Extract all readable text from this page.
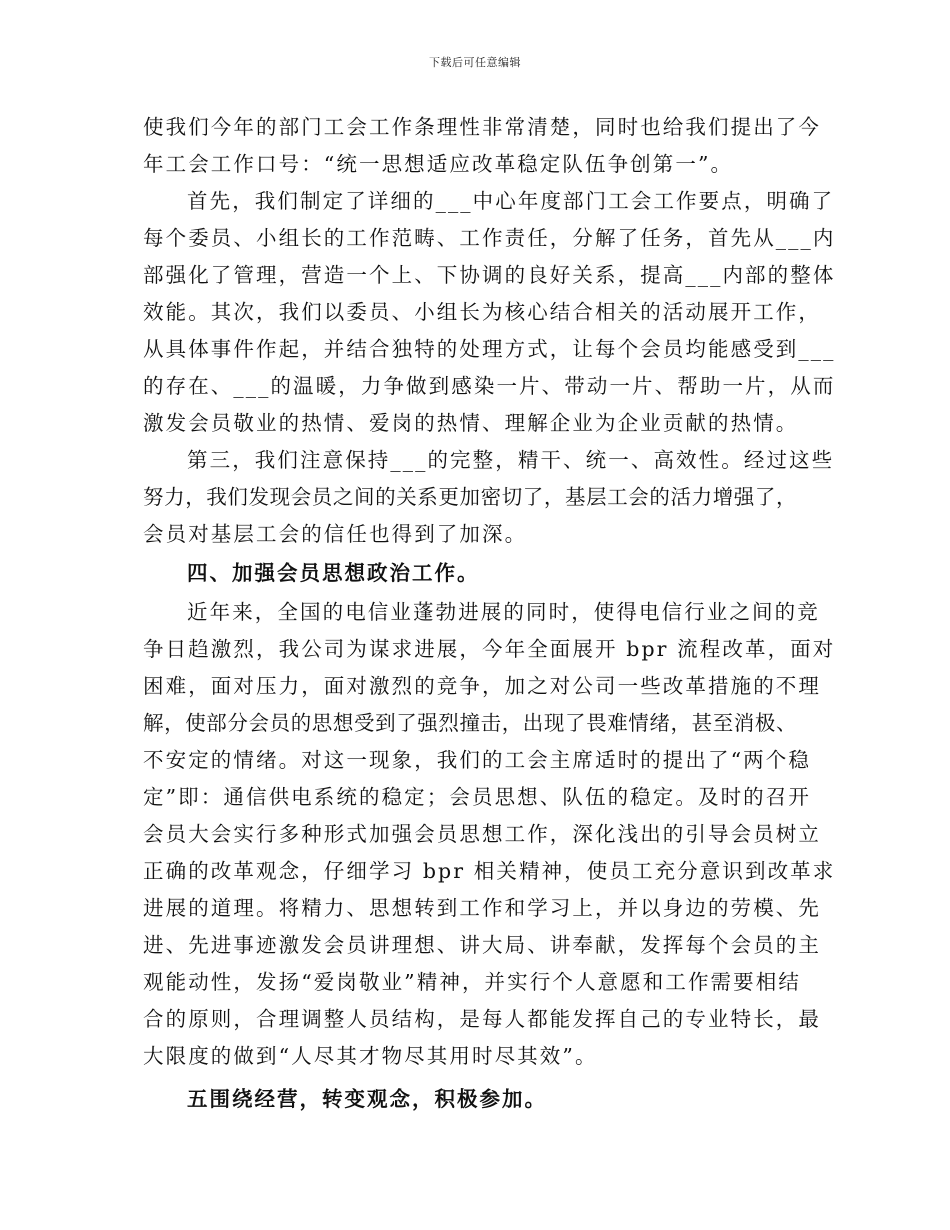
下载后可任意编辑
使我们今年的部门工会工作条理性非常清楚，同时也给我们提出了今
年工会工作口号：“统一思想适应改革稳定队伍争创第一”。
首先，我们制定了详细的___中心年度部门工会工作要点，明确了
每个委员、小组长的工作范畴、工作责任，分解了任务，首先从___内
部强化了管理，营造一个上、下协调的良好关系，提高___内部的整体
效能。其次，我们以委员、小组长为核心结合相关的活动展开工作，
从具体事件作起，并结合独特的处理方式，让每个会员均能感受到___
的存在、___的温暖，力争做到感染一片、带动一片、帮助一片，从而
激发会员敬业的热情、爱岗的热情、理解企业为企业贡献的热情。
第三，我们注意保持___的完整，精干、统一、高效性。经过这些
努力，我们发现会员之间的关系更加密切了，基层工会的活力增强了，
会员对基层工会的信任也得到了加深。
四、加强会员思想政治工作。
近年来，全国的电信业蓬勃进展的同时，使得电信行业之间的竞
争日趋激烈，我公司为谋求进展，今年全面展开 bpr 流程改革，面对
困难，面对压力，面对激烈的竞争，加之对公司一些改革措施的不理
解，使部分会员的思想受到了强烈撞击，出现了畏难情绪，甚至消极、
不安定的情绪。对这一现象，我们的工会主席适时的提出了“两个稳
定”即：通信供电系统的稳定；会员思想、队伍的稳定。及时的召开
会员大会实行多种形式加强会员思想工作，深化浅出的引导会员树立
正确的改革观念，仔细学习 bpr 相关精神，使员工充分意识到改革求
进展的道理。将精力、思想转到工作和学习上，并以身边的劳模、先
进、先进事迹激发会员讲理想、讲大局、讲奉献，发挥每个会员的主
观能动性，发扬“爱岗敬业”精神，并实行个人意愿和工作需要相结
合的原则，合理调整人员结构，是每人都能发挥自己的专业特长，最
大限度的做到“人尽其才物尽其用时尽其效”。
五围绕经营，转变观念，积极参加。
